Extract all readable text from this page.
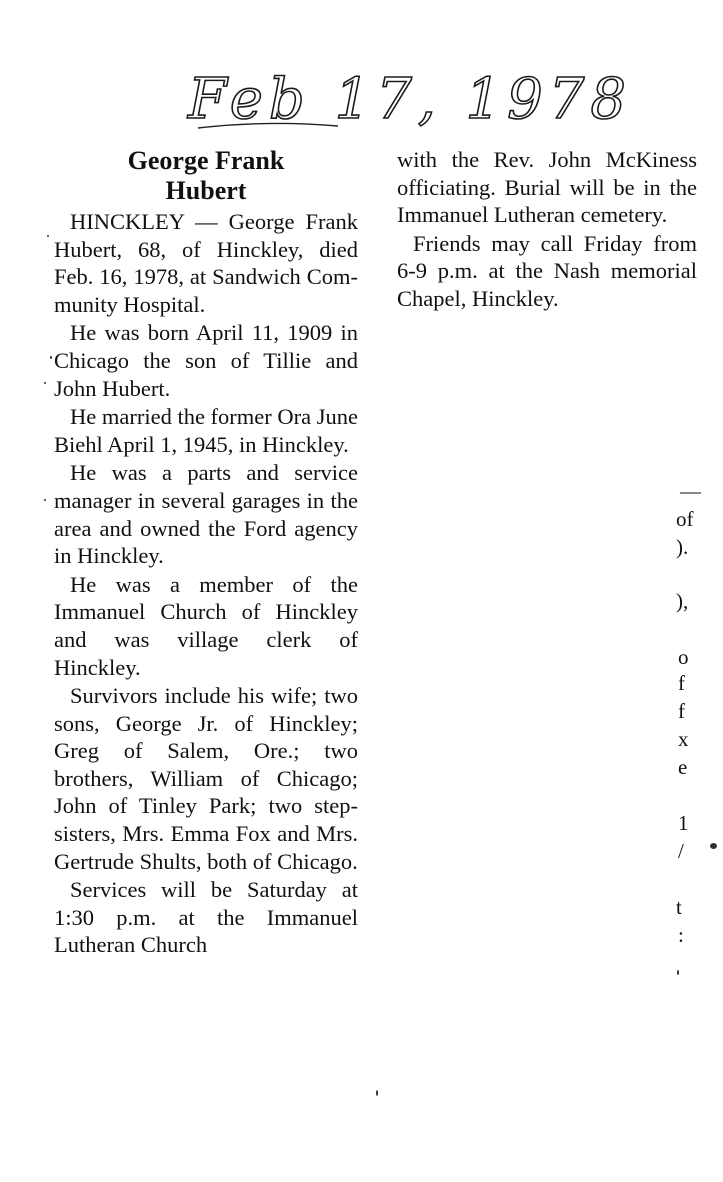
Feb 17, 1978
George Frank
Hubert

HINCKLEY — George Frank Hubert, 68, of Hinckley, died Feb. 16, 1978, at Sandwich Community Hospital.

He was born April 11, 1909 in Chicago the son of Tillie and John Hubert.

He married the former Ora June Biehl April 1, 1945, in Hinckley.

He was a parts and service manager in several garages in the area and owned the Ford agency in Hinckley.

He was a member of the Immanuel Church of Hinckley and was village clerk of Hinckley.

Survivors include his wife; two sons, George Jr. of Hinckley; Greg of Salem, Ore.; two brothers, William of Chicago; John of Tinley Park; two stepsisters, Mrs. Emma Fox and Mrs. Gertrude Shults, both of Chicago.

Services will be Saturday at 1:30 p.m. at the Immanuel Lutheran Church

with the Rev. John McKiness officiating. Burial will be in the Immanuel Lutheran cemetery.

Friends may call Friday from 6-9 p.m. at the Nash memorial Chapel, Hinckley.

—
of
).
),
o
f
f
x
e
1
/
t
:
